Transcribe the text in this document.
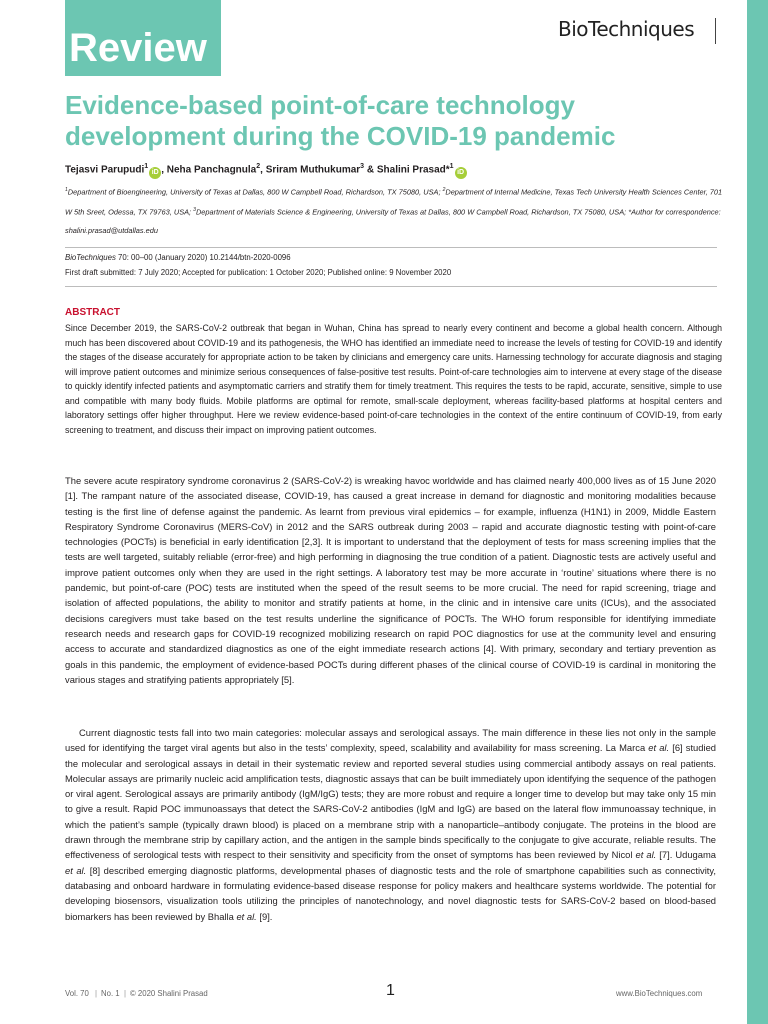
Review	BioTechniques
Evidence-based point-of-care technology development during the COVID-19 pandemic
Tejasvi Parupudi$^1$iD , Neha Panchagnula$^2$, Sriram Muthukumar$^3$ & Shalini Prasad*$^1$iD
$^1$Department of Bioengineering, University of Texas at Dallas, 800 W Campbell Road, Richardson, TX 75080, USA; $^2$Department of Internal Medicine, Texas Tech University Health Sciences Center, 701 W 5th Sreet, Odessa, TX 79763, USA; $^3$Department of Materials Science & Engineering, University of Texas at Dallas, 800 W Campbell Road, Richardson, TX 75080, USA; *Author for correspondence: shalini.prasad@utdallas.edu
BioTechniques 70: 00–00 (January 2020) 10.2144/btn-2020-0096
First draft submitted: 7 July 2020; Accepted for publication: 1 October 2020; Published online: 9 November 2020
ABSTRACT
Since December 2019, the SARS-CoV-2 outbreak that began in Wuhan, China has spread to nearly every continent and become a global health concern. Although much has been discovered about COVID-19 and its pathogenesis, the WHO has identified an immediate need to increase the levels of testing for COVID-19 and identify the stages of the disease accurately for appropriate action to be taken by clinicians and emergency care units. Harnessing technology for accurate diagnosis and staging will improve patient outcomes and minimize serious consequences of false-positive test results. Point-of-care technologies aim to intervene at every stage of the disease to quickly identify infected patients and asymptomatic carriers and stratify them for timely treatment. This requires the tests to be rapid, accurate, sensitive, simple to use and compatible with many body fluids. Mobile platforms are optimal for remote, small-scale deployment, whereas facility-based platforms at hospital centers and laboratory settings offer higher throughput. Here we review evidence-based point-of-care technologies in the context of the entire continuum of COVID-19, from early screening to treatment, and discuss their impact on improving patient outcomes.

The severe acute respiratory syndrome coronavirus 2 (SARS-CoV-2) is wreaking havoc worldwide and has claimed nearly 400,000 lives as of 15 June 2020 [1]. The rampant nature of the associated disease, COVID-19, has caused a great increase in demand for diagnostic and monitoring modalities because testing is the first line of defense against the pandemic. As learnt from previous viral epidemics – for example, influenza (H1N1) in 2009, Middle Eastern Respiratory Syndrome Coronavirus (MERS-CoV) in 2012 and the SARS outbreak during 2003 – rapid and accurate diagnostic testing with point-of-care technologies (POCTs) is beneficial in early identification [2,3]. It is important to understand that the deployment of tests for mass screening implies that the tests are well targeted, suitably reliable (error-free) and high performing in diagnosing the true condition of a patient. Diagnostic tests are actively useful and improve patient outcomes only when they are used in the right settings. A laboratory test may be more accurate in ‘routine’ situations where there is no pandemic, but point-of-care (POC) tests are instituted when the speed of the result seems to be more crucial. The need for rapid screening, triage and isolation of affected populations, the ability to monitor and stratify patients at home, in the clinic and in intensive care units (ICUs), and the associated decisions caregivers must take based on the test results underline the significance of POCTs. The WHO forum responsible for identifying immediate research needs and research gaps for COVID-19 recognized mobilizing research on rapid POC diagnostics for use at the community level and ensuring access to accurate and standardized diagnostics as one of the eight immediate research actions [4]. With primary, secondary and tertiary prevention as goals in this pandemic, the employment of evidence-based POCTs during different phases of the clinical course of COVID-19 is cardinal in monitoring the various stages and stratifying patients appropriately [5].

Current diagnostic tests fall into two main categories: molecular assays and serological assays. The main difference in these lies not only in the sample used for identifying the target viral agents but also in the tests’ complexity, speed, scalability and availability for mass screening. La Marca et al. [6] studied the molecular and serological assays in detail in their systematic review and reported several studies using commercial antibody assays on real patients. Molecular assays are primarily nucleic acid amplification tests, diagnostic assays that can be built immediately upon identifying the sequence of the pathogen or viral agent. Serological assays are primarily antibody (IgM/IgG) tests; they are more robust and require a longer time to develop but may take only 15 min to give a result. Rapid POC immunoassays that detect the SARS-CoV-2 antibodies (IgM and IgG) are based on the lateral flow immunoassay technique, in which the patient’s sample (typically drawn blood) is placed on a membrane strip with a nanoparticle–antibody conjugate. The proteins in the blood are drawn through the membrane strip by capillary action, and the antigen in the sample binds specifically to the conjugate to give accurate, reliable results. The effectiveness of serological tests with respect to their sensitivity and specificity from the onset of symptoms has been reviewed by Nicol et al. [7]. Udugama et al. [8] described emerging diagnostic platforms, developmental phases of diagnostic tests and the role of smartphone capabilities such as connectivity, databasing and onboard hardware in formulating evidence-based disease response for policy makers and healthcare systems worldwide. The potential for developing biosensors, visualization tools utilizing the principles of nanotechnology, and novel diagnostic tests for SARS-CoV-2 based on blood-based biomarkers has been reviewed by Bhalla et al. [9].

Vol. 70 | No. 1 | © 2020 Shalini Prasad	1	www.BioTechniques.com
